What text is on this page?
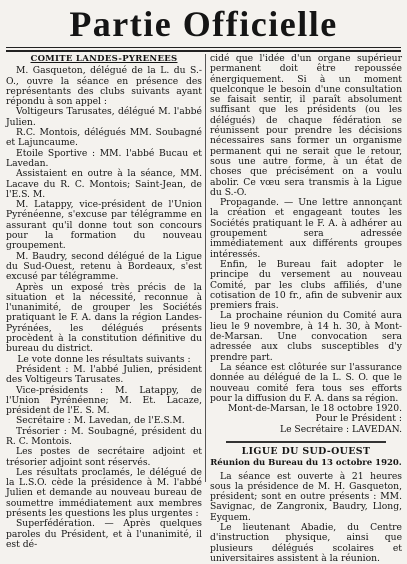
Partie Officielle
COMITE LANDES-PYRENEES

M. Gasqueton, délégué de la L. du S.-O., ouvre la séance en présence des représentants des clubs suivants ayant répondu à son appel :

Voltigeurs Tarusates, délégué M. l'abbé Julien.

R.C. Montois, délégués MM. Soubagné et Lajuncaume.

Etoile Sportive : MM. l'abbé Bucau et Lavedan.

Assistaient en outre à la séance, MM. Lacave du R. C. Montois; Saint-Jean, de l'E.S. M.

M. Latappy, vice-président de l'Union Pyrénéenne, s'excuse par télégramme en assurant qu'il donne tout son concours pour la formation du nouveau groupement.

M. Baudry, second délégué de la Ligue du Sud-Ouest, retenu à Bordeaux, s'est excusé par télégramme.

Après un exposé très précis de la situation et la nécessité, reconnue à l'unanimité, de grouper les Sociétés pratiquant le F. A. dans la région Landes-Pyrénées, les délégués présents procèdent à la constitution définitive du bureau du district.

Le vote donne les résultats suivants :

Président : M. l'abbé Julien, président des Voltigeurs Tarusates.

Vice-présidents : M. Latappy, de l'Union Pyrénéenne; M. Et. Lacaze, président de l'E. S. M.

Secrétaire : M. Lavedan, de l'E.S.M.

Trésorier : M. Soubagné, président du R. C. Montois.

Les postes de secrétaire adjoint et trésorier adjoint sont réservés.

Les résultats proclamés, le délégué de la L.S.O. cède la présidence à M. l'abbé Julien et demande au nouveau bureau de soumettre immédiatement aux membres présents les questions les plus urgentes :

Superfédération. — Après quelques paroles du Président, et à l'unanimité, il est dé-

cidé que l'idée d'un organe supérieur permanent doit être repoussée énergiquement. Si à un moment quelconque le besoin d'une consultation se faisait sentir, il paraît absolument suffisant que les présidents (ou les délégués) de chaque fédération se réunissent pour prendre les décisions nécessaires sans former un organisme permanent qui ne serait que le retour, sous une autre forme, à un état de choses que précisément on a voulu abolir. Ce vœu sera transmis à la Ligue du S.-O.

Propagande. — Une lettre annonçant la création et engageant toutes les Sociétés pratiquant le F. A. à adhérer au groupement sera adressée immédiatement aux différents groupes intéressés.

Enfin, le Bureau fait adopter le principe du versement au nouveau Comité, par les clubs affiliés, d'une cotisation de 10 fr., afin de subvenir aux premiers frais.

La prochaine réunion du Comité aura lieu le 9 novembre, à 14 h. 30, à Mont-de-Marsan. Une convocation sera adressée aux clubs susceptibles d'y prendre part.

La séance est clôturée sur l'assurance donnée au délégué de la L. S. O. que le nouveau comité fera tous ses efforts pour la diffusion du F. A. dans sa région.

Mont-de-Marsan, le 18 octobre 1920.

Pour le Président :

Le Secrétaire : LAVEDAN.

LIGUE DU SUD-OUEST
Réunion du Bureau du 13 octobre 1920.

La séance est ouverte à 21 heures sous la présidence de M. H. Gasqueton, président; sont en outre présents : MM. Savignac, de Zangronix, Baudry, Llong, Eyquem.

Le lieutenant Abadie, du Centre d'instruction physique, ainsi que plusieurs délégués scolaires et universitaires assistent à la réunion.
